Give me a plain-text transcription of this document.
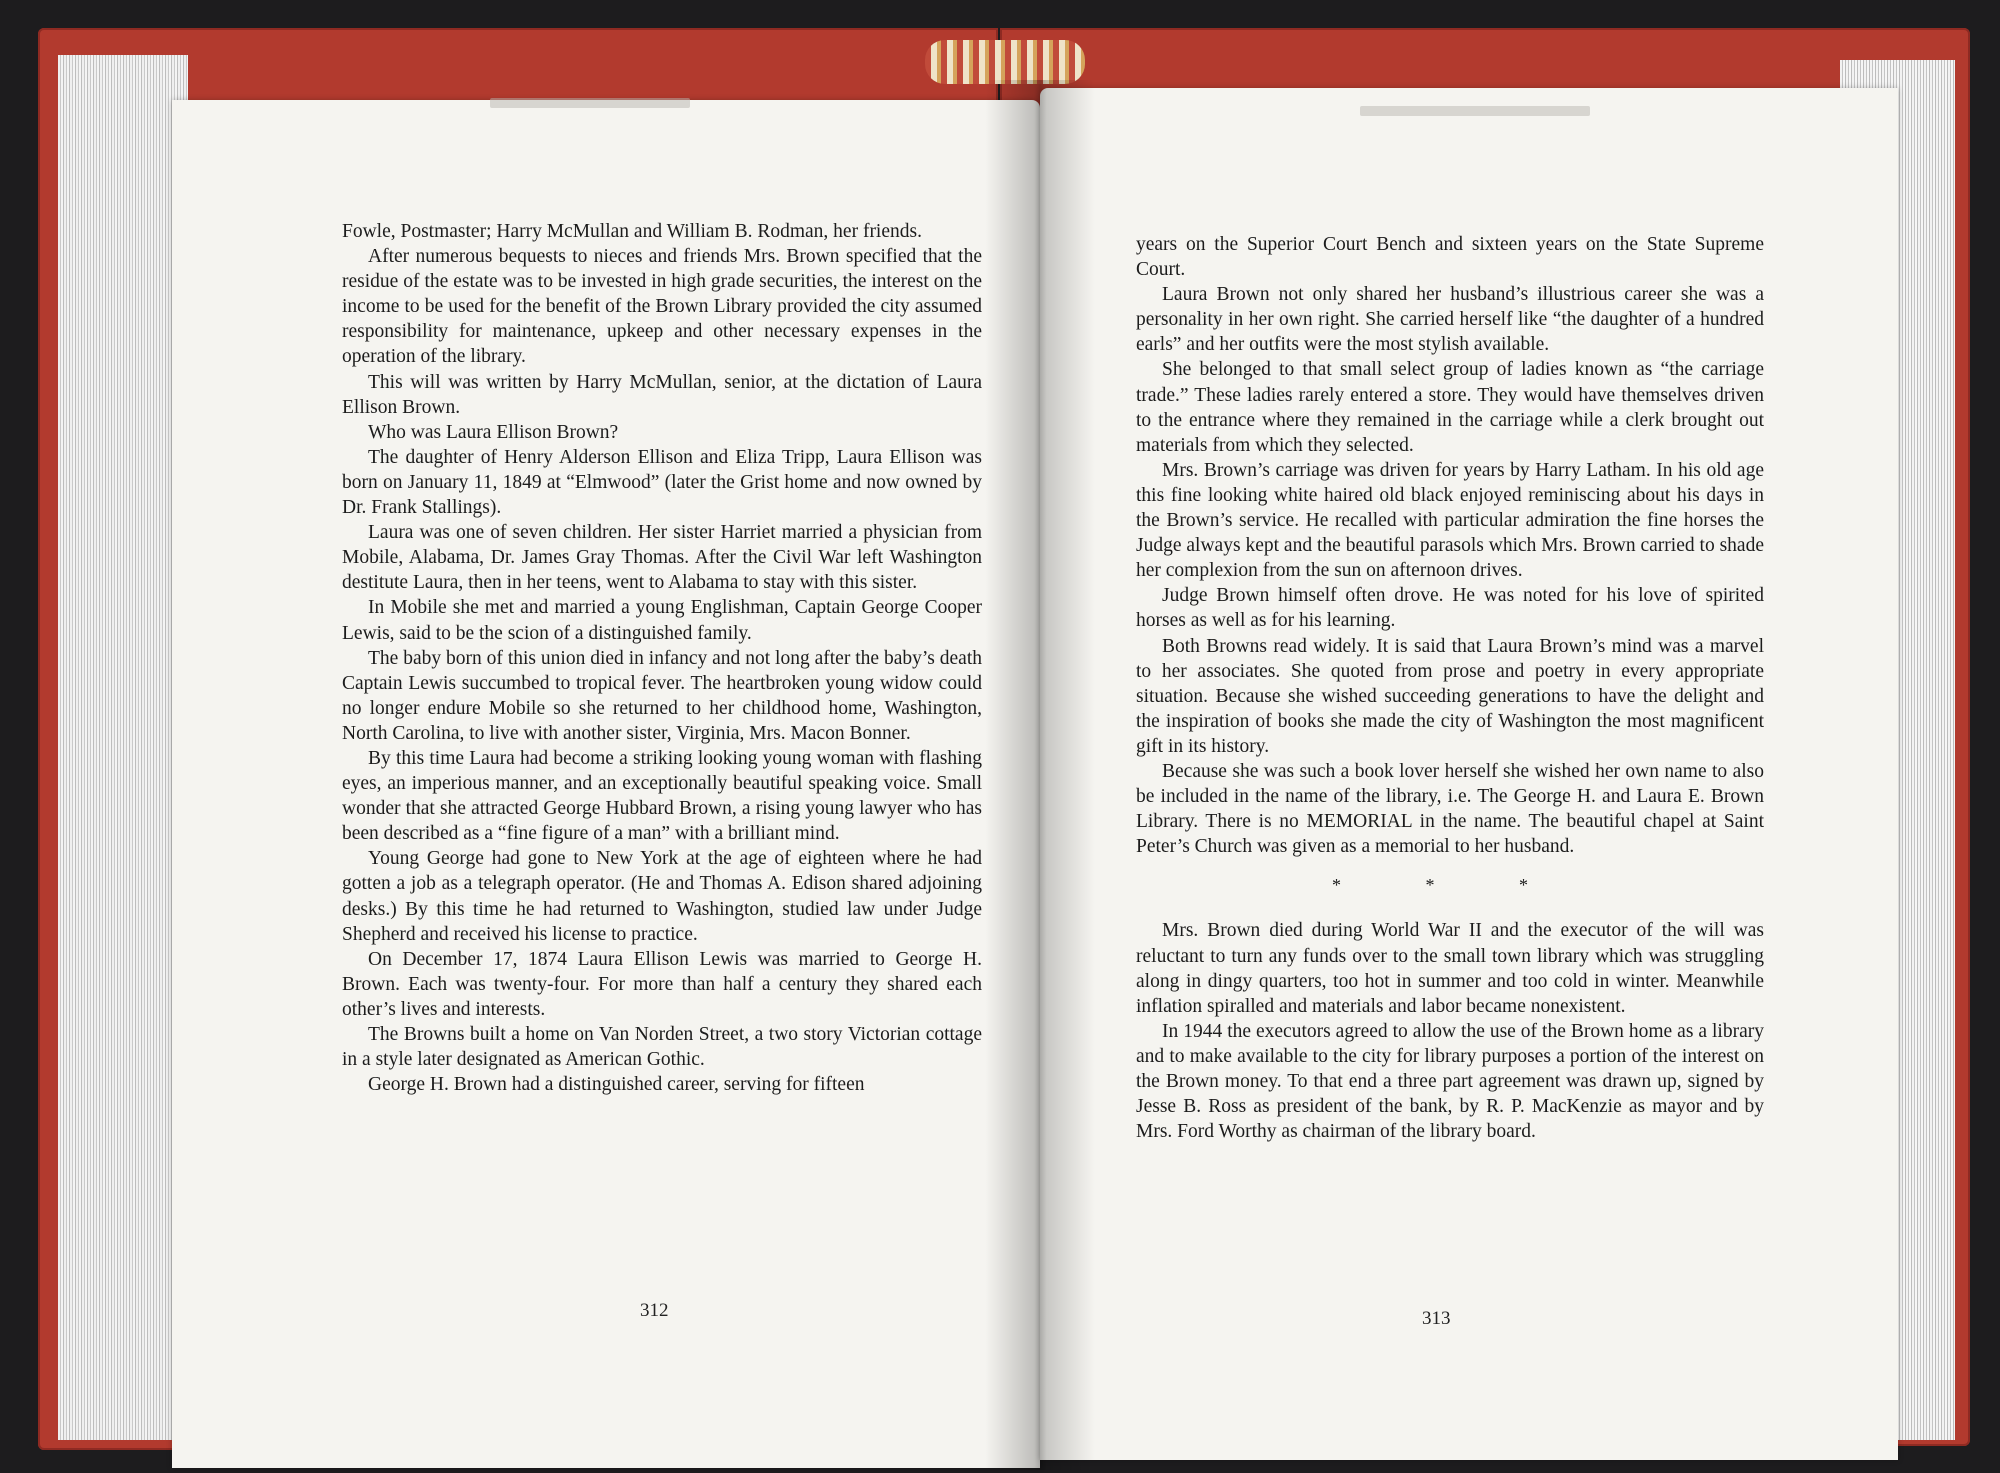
Fowle, Postmaster; Harry McMullan and William B. Rodman, her friends.

After numerous bequests to nieces and friends Mrs. Brown specified that the residue of the estate was to be invested in high grade securities, the interest on the income to be used for the benefit of the Brown Library provided the city assumed responsibility for maintenance, upkeep and other necessary expenses in the operation of the library.

This will was written by Harry McMullan, senior, at the dictation of Laura Ellison Brown.

Who was Laura Ellison Brown?

The daughter of Henry Alderson Ellison and Eliza Tripp, Laura Ellison was born on January 11, 1849 at “Elmwood” (later the Grist home and now owned by Dr. Frank Stallings).

Laura was one of seven children. Her sister Harriet married a physician from Mobile, Alabama, Dr. James Gray Thomas. After the Civil War left Washington destitute Laura, then in her teens, went to Alabama to stay with this sister.

In Mobile she met and married a young Englishman, Captain George Cooper Lewis, said to be the scion of a distinguished family.

The baby born of this union died in infancy and not long after the baby’s death Captain Lewis succumbed to tropical fever. The heartbroken young widow could no longer endure Mobile so she returned to her childhood home, Washington, North Carolina, to live with another sister, Virginia, Mrs. Macon Bonner.

By this time Laura had become a striking looking young woman with flashing eyes, an imperious manner, and an exceptionally beautiful speaking voice. Small wonder that she attracted George Hubbard Brown, a rising young lawyer who has been described as a “fine figure of a man” with a brilliant mind.

Young George had gone to New York at the age of eighteen where he had gotten a job as a telegraph operator. (He and Thomas A. Edison shared adjoining desks.) By this time he had returned to Washington, studied law under Judge Shepherd and received his license to practice.

On December 17, 1874 Laura Ellison Lewis was married to George H. Brown. Each was twenty-four. For more than half a century they shared each other’s lives and interests.

The Browns built a home on Van Norden Street, a two story Victorian cottage in a style later designated as American Gothic.

George H. Brown had a distinguished career, serving for fifteen

312

years on the Superior Court Bench and sixteen years on the State Supreme Court.

Laura Brown not only shared her husband’s illustrious career she was a personality in her own right. She carried herself like “the daughter of a hundred earls” and her outfits were the most stylish available.

She belonged to that small select group of ladies known as “the carriage trade.” These ladies rarely entered a store. They would have themselves driven to the entrance where they remained in the carriage while a clerk brought out materials from which they selected.

Mrs. Brown’s carriage was driven for years by Harry Latham. In his old age this fine looking white haired old black enjoyed reminiscing about his days in the Brown’s service. He recalled with particular admiration the fine horses the Judge always kept and the beautiful parasols which Mrs. Brown carried to shade her complexion from the sun on afternoon drives.

Judge Brown himself often drove. He was noted for his love of spirited horses as well as for his learning.

Both Browns read widely. It is said that Laura Brown’s mind was a marvel to her associates. She quoted from prose and poetry in every appropriate situation. Because she wished succeeding generations to have the delight and the inspiration of books she made the city of Washington the most magnificent gift in its history.

Because she was such a book lover herself she wished her own name to also be included in the name of the library, i.e. The George H. and Laura E. Brown Library. There is no MEMORIAL in the name. The beautiful chapel at Saint Peter’s Church was given as a memorial to her husband.

* * *

Mrs. Brown died during World War II and the executor of the will was reluctant to turn any funds over to the small town library which was struggling along in dingy quarters, too hot in summer and too cold in winter. Meanwhile inflation spiralled and materials and labor became nonexistent.

In 1944 the executors agreed to allow the use of the Brown home as a library and to make available to the city for library purposes a portion of the interest on the Brown money. To that end a three part agreement was drawn up, signed by Jesse B. Ross as president of the bank, by R. P. MacKenzie as mayor and by Mrs. Ford Worthy as chairman of the library board.

313
